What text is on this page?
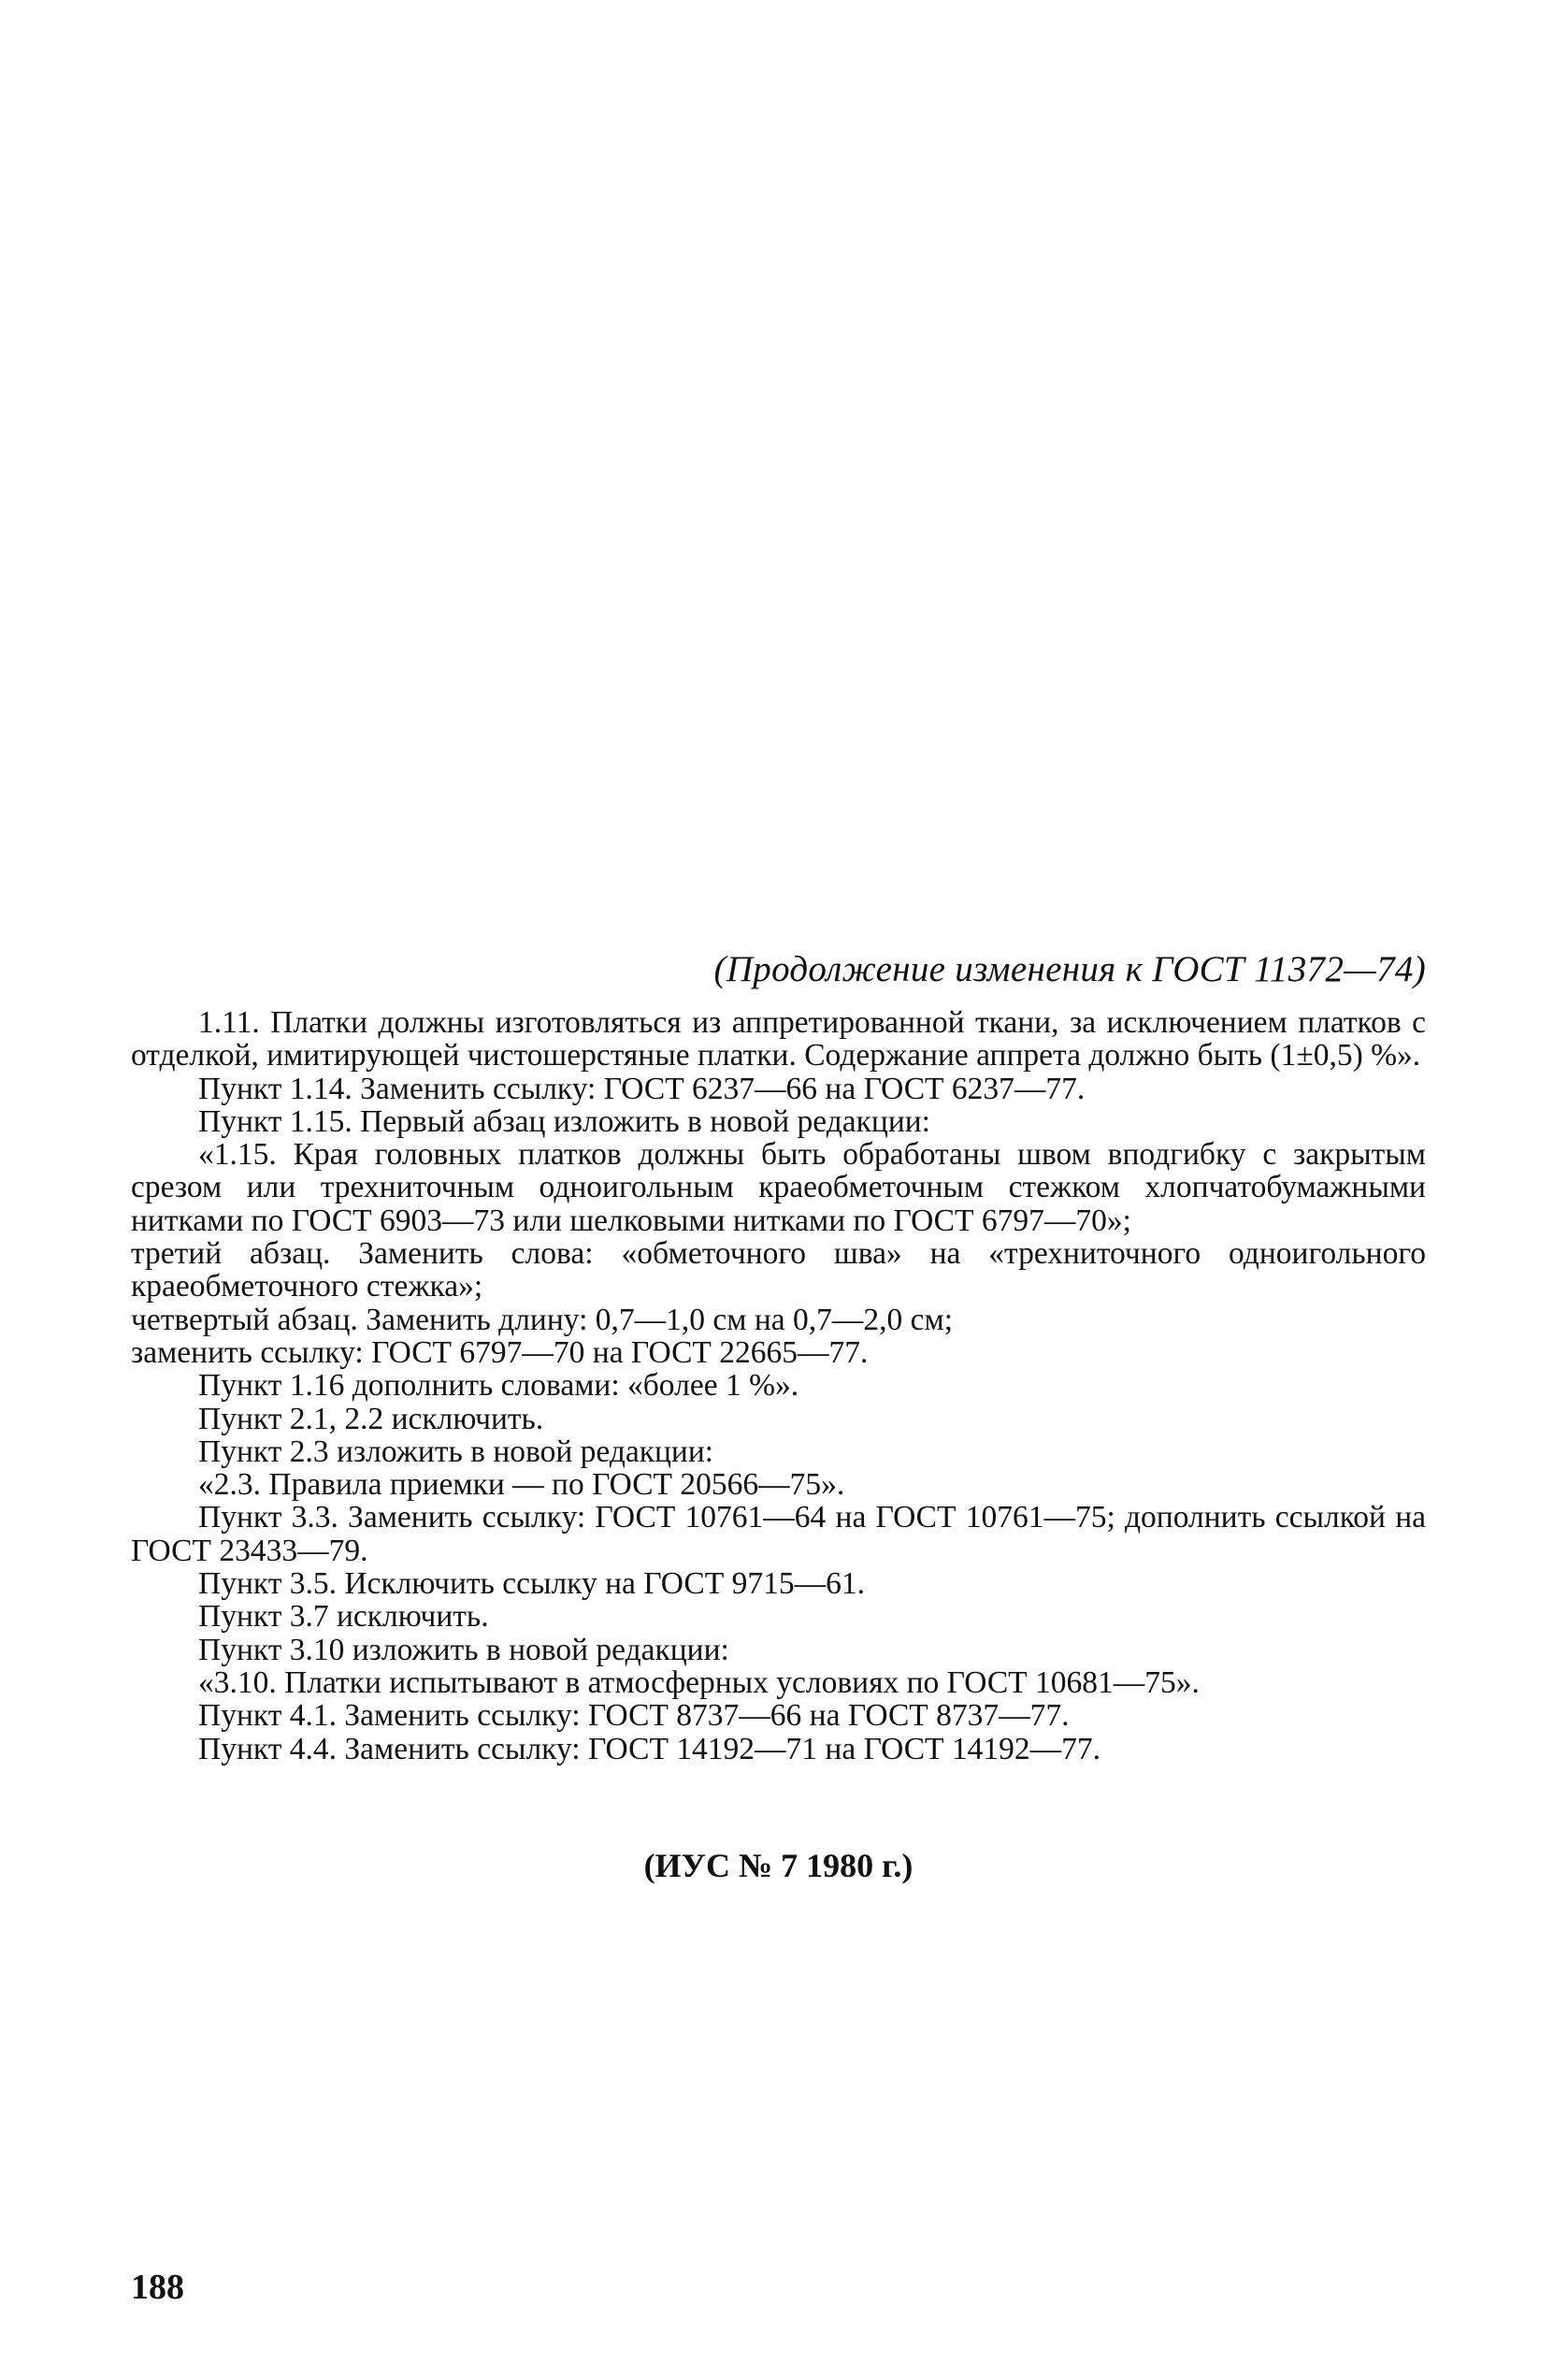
(Продолжение изменения к ГОСТ 11372—74)

1.11. Платки должны изготовляться из аппретированной ткани, за исключением платков с отделкой, имитирующей чистошерстяные платки. Содержание аппрета должно быть (1±0,5) %».

Пункт 1.14. Заменить ссылку: ГОСТ 6237—66 на ГОСТ 6237—77.

Пункт 1.15. Первый абзац изложить в новой редакции:

«1.15. Края головных платков должны быть обработаны швом вподгибку с закрытым срезом или трехниточным одноигольным краеобметочным стежком хлопчатобумажными нитками по ГОСТ 6903—73 или шелковыми нитками по ГОСТ 6797—70»;

третий абзац. Заменить слова: «обметочного шва» на «трехниточного одноигольного краеобметочного стежка»;

четвертый абзац. Заменить длину: 0,7—1,0 см на 0,7—2,0 см;

заменить ссылку: ГОСТ 6797—70 на ГОСТ 22665—77.

Пункт 1.16 дополнить словами: «более 1 %».

Пункт 2.1, 2.2 исключить.

Пункт 2.3 изложить в новой редакции:

«2.3. Правила приемки — по ГОСТ 20566—75».

Пункт 3.3. Заменить ссылку: ГОСТ 10761—64 на ГОСТ 10761—75; дополнить ссылкой на ГОСТ 23433—79.

Пункт 3.5. Исключить ссылку на ГОСТ 9715—61.

Пункт 3.7 исключить.

Пункт 3.10 изложить в новой редакции:

«3.10. Платки испытывают в атмосферных условиях по ГОСТ 10681—75».

Пункт 4.1. Заменить ссылку: ГОСТ 8737—66 на ГОСТ 8737—77.

Пункт 4.4. Заменить ссылку: ГОСТ 14192—71 на ГОСТ 14192—77.

(ИУС № 7 1980 г.)
188
